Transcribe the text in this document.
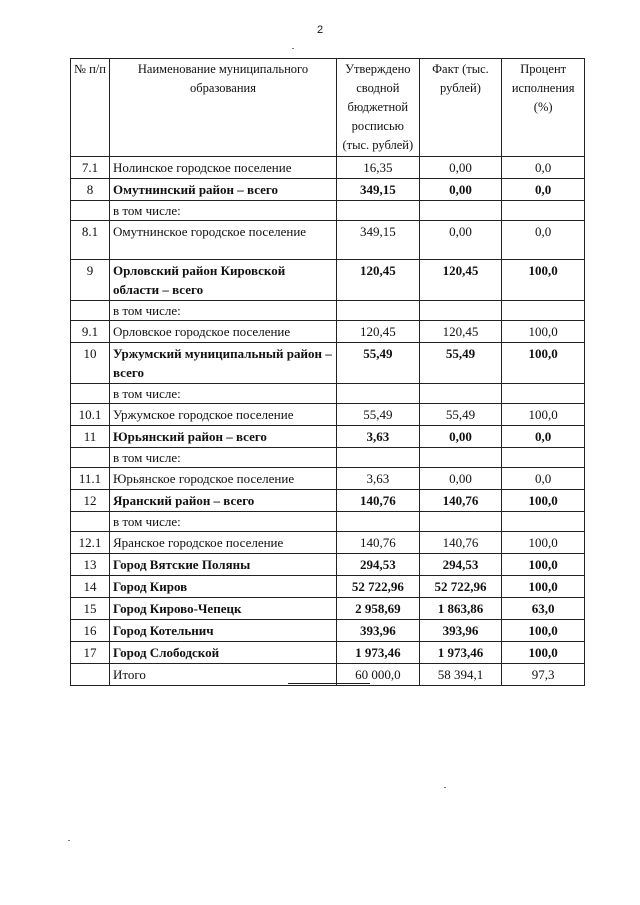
2
№ п/п	Наименование муниципального образования	Утверждено сводной бюджетной росписью (тыс. рублей)	Факт (тыс. рублей)	Процент исполнения (%)
7.1	Нолинское городское поселение	16,35	0,00	0,0
8	Омутнинский район – всего	349,15	0,00	0,0
	в том числе:			
8.1	Омутнинское городское поселение	349,15	0,00	0,0
9	Орловский район Кировской области – всего	120,45	120,45	100,0
	в том числе:			
9.1	Орловское городское поселение	120,45	120,45	100,0
10	Уржумский муниципальный район – всего	55,49	55,49	100,0
	в том числе:			
10.1	Уржумское городское поселение	55,49	55,49	100,0
11	Юрьянский район – всего	3,63	0,00	0,0
	в том числе:			
11.1	Юрьянское городское поселение	3,63	0,00	0,0
12	Яранский район – всего	140,76	140,76	100,0
	в том числе:			
12.1	Яранское городское поселение	140,76	140,76	100,0
13	Город Вятские Поляны	294,53	294,53	100,0
14	Город Киров	52 722,96	52 722,96	100,0
15	Город Кирово-Чепецк	2 958,69	1 863,86	63,0
16	Город Котельнич	393,96	393,96	100,0
17	Город Слободской	1 973,46	1 973,46	100,0
	Итого	60 000,0	58 394,1	97,3
